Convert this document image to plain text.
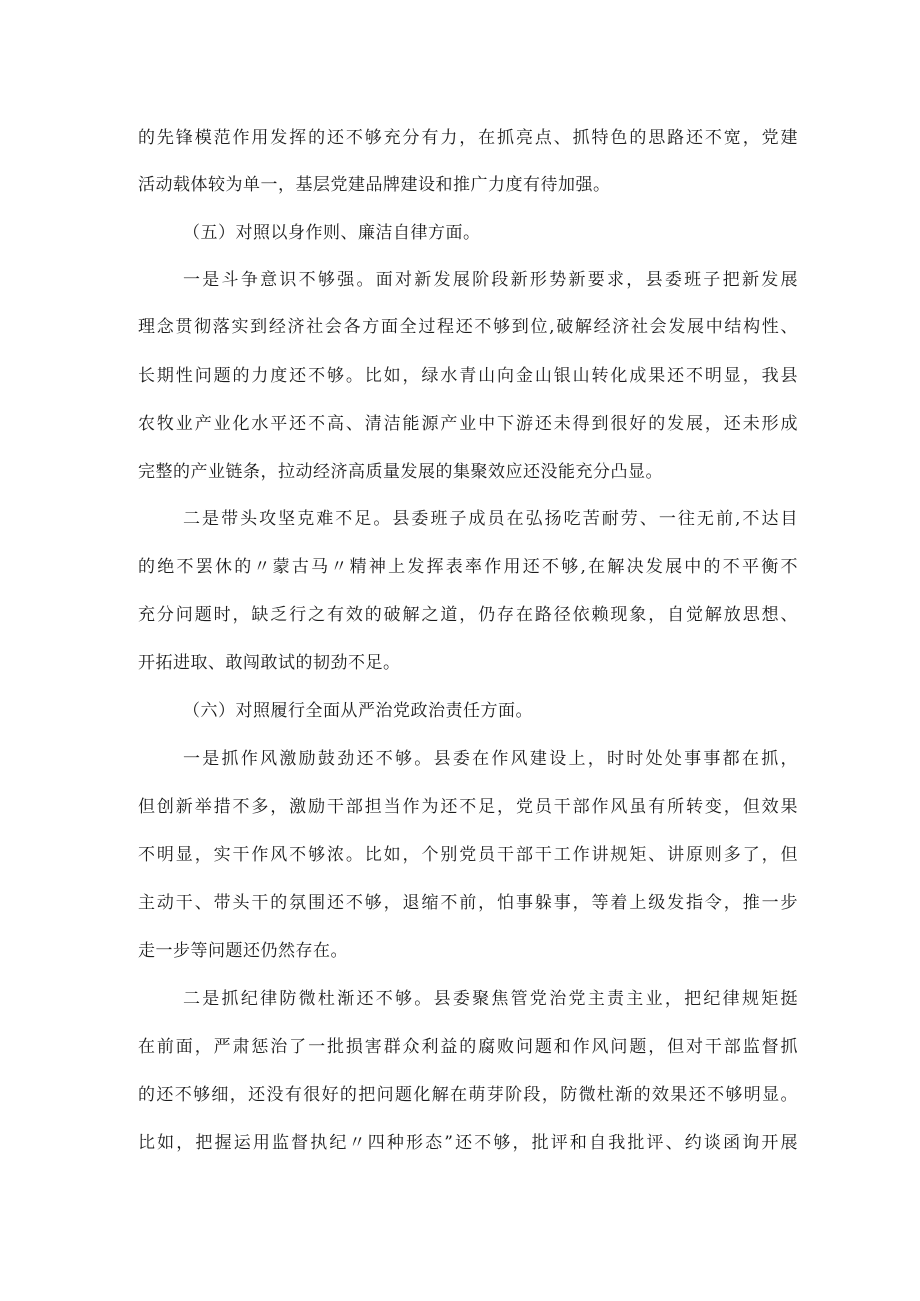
的先锋模范作用发挥的还不够充分有力，在抓亮点、抓特色的思路还不宽，党建
活动载体较为单一，基层党建品牌建设和推广力度有待加强。
（五）对照以身作则、廉洁自律方面。
一是斗争意识不够强。面对新发展阶段新形势新要求，县委班子把新发展
理念贯彻落实到经济社会各方面全过程还不够到位,破解经济社会发展中结构性、
长期性问题的力度还不够。比如，绿水青山向金山银山转化成果还不明显，我县
农牧业产业化水平还不高、清洁能源产业中下游还未得到很好的发展，还未形成
完整的产业链条，拉动经济高质量发展的集聚效应还没能充分凸显。
二是带头攻坚克难不足。县委班子成员在弘扬吃苦耐劳、一往无前,不达目
的绝不罢休的〃蒙古马〃精神上发挥表率作用还不够,在解决发展中的不平衡不
充分问题时，缺乏行之有效的破解之道，仍存在路径依赖现象，自觉解放思想、
开拓进取、敢闯敢试的韧劲不足。
（六）对照履行全面从严治党政治责任方面。
一是抓作风激励鼓劲还不够。县委在作风建设上，时时处处事事都在抓，
但创新举措不多，激励干部担当作为还不足，党员干部作风虽有所转变，但效果
不明显，实干作风不够浓。比如，个别党员干部干工作讲规矩、讲原则多了，但
主动干、带头干的氛围还不够，退缩不前，怕事躲事，等着上级发指令，推一步
走一步等问题还仍然存在。
二是抓纪律防微杜渐还不够。县委聚焦管党治党主责主业，把纪律规矩挺
在前面，严肃惩治了一批损害群众利益的腐败问题和作风问题，但对干部监督抓
的还不够细，还没有很好的把问题化解在萌芽阶段，防微杜渐的效果还不够明显。
比如，把握运用监督执纪〃四种形态”还不够，批评和自我批评、约谈函询开展
